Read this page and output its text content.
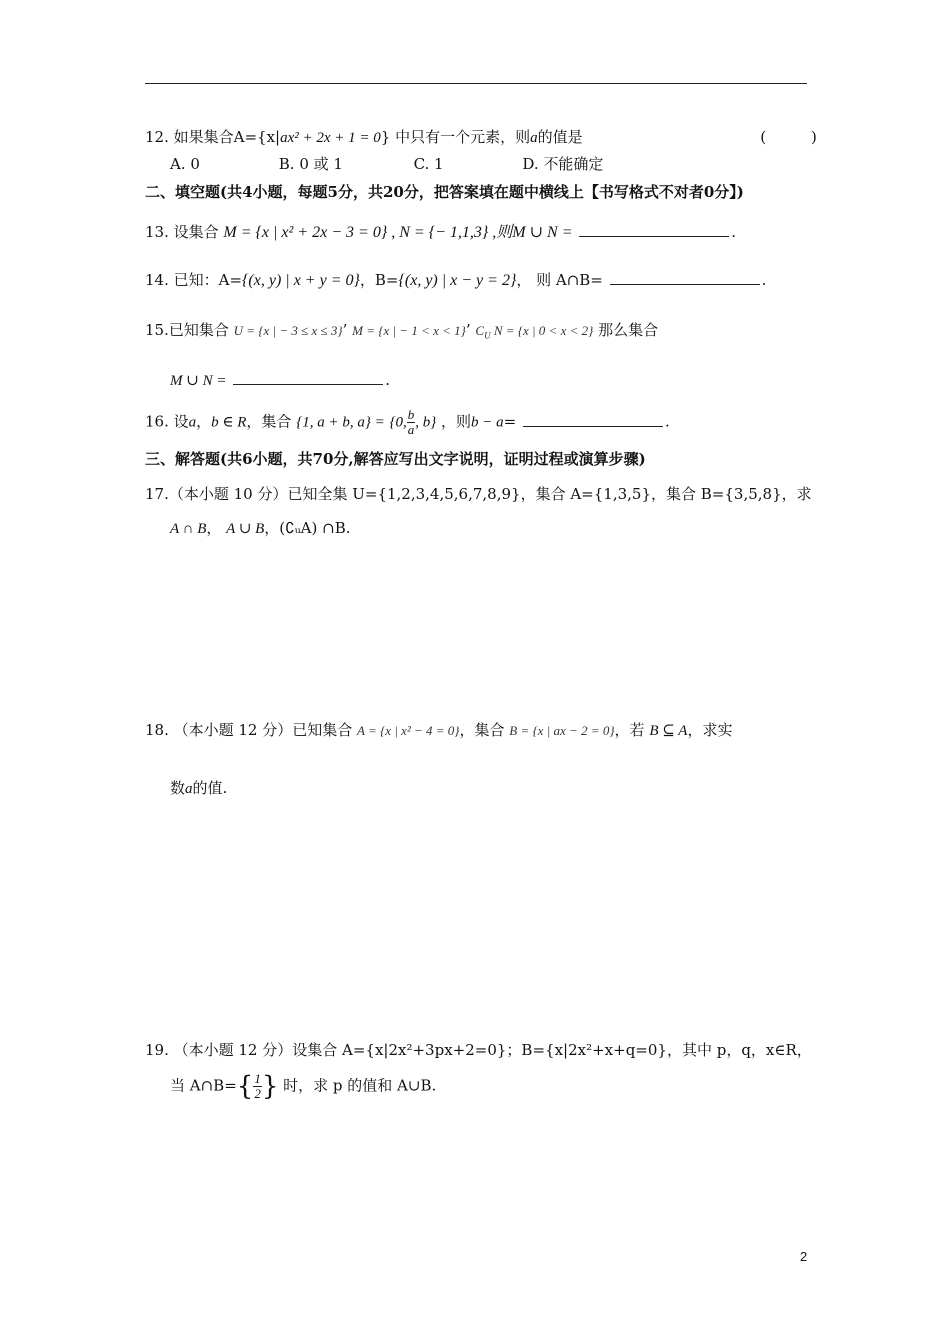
12. 如果集合A={x|ax² + 2x + 1 = 0} 中只有一个元素，则a的值是	(　　　)
A. 0	B. 0 或 1	C. 1	D. 不能确定
二、填空题(共4小题，每题5分，共20分，把答案填在题中横线上【书写格式不对者0分】)
13. 设集合 M = {x | x² + 2x − 3 = 0} , N = {− 1,1,3} ,则M ∪ N =	.
14. 已知：A={(x, y) | x + y = 0}，B={(x, y) | x − y = 2}， 则 A∩B=	.
15.已知集合 U = {x | − 3 ≤ x ≤ 3}’ M = {x | − 1 < x < 1}’ $C_U$ N = {x | 0 < x < 2} 那么集合
M ∪ N =	.
16. 设a，b ∈ R，集合 {1, a + b, a} = {0, $\frac{b}{a}$ , b} ，则b − a=	.
三、解答题(共6小题，共70分,解答应写出文字说明，证明过程或演算步骤)
17.（本小题 10 分）已知全集 U={1,2,3,4,5,6,7,8,9}，集合 A={1,3,5}，集合 B={3,5,8}，求
A ∩ B， A ∪ B，(∁ᵤA) ∩B.
18. （本小题 12 分）已知集合 A = {x | x² − 4 = 0}，集合 B = {x | ax − 2 = 0}，若 B ⊆ A，求实
数a的值.
19. （本小题 12 分）设集合 A={x|2x²+3px+2=0}；B={x|2x²+x+q=0}，其中 p，q，x∈R，
当 A∩B={ $\frac{1}{2}$ } 时，求 p 的值和 A∪B.
2
